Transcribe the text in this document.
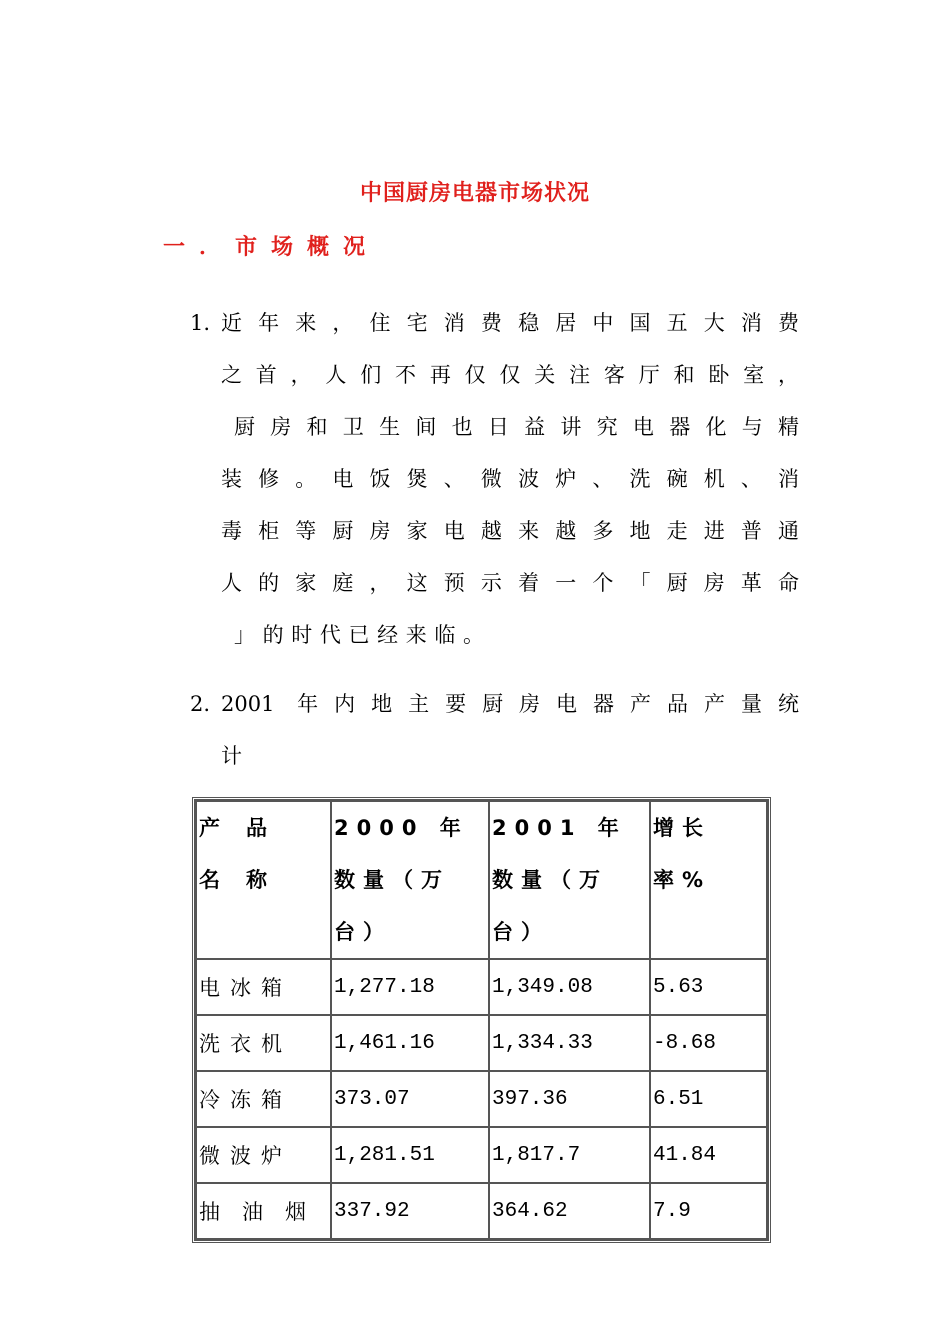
中国厨房电器市场状况
一．市场概况
1. 近年来，住宅消费稳居中国五大消费
之首，人们不再仅仅关注客厅和卧室，
厨房和卫生间也日益讲究电器化与精
装修。电饭煲、微波炉、洗碗机、消
毒柜等厨房家电越来越多地走进普通
人的家庭，这预示着一个「厨房革命
」的时代已经来临。
2. 2001 年内地主要厨房电器产品产量统
计
产品名称	2000 年数量（万台）	2001 年数量（万台）	增长率%
电冰箱	1,277.18	1,349.08	5.63
洗衣机	1,461.16	1,334.33	-8.68
冷冻箱	373.07	397.36	6.51
微波炉	1,281.51	1,817.7	41.84
抽油烟	337.92	364.62	7.9
